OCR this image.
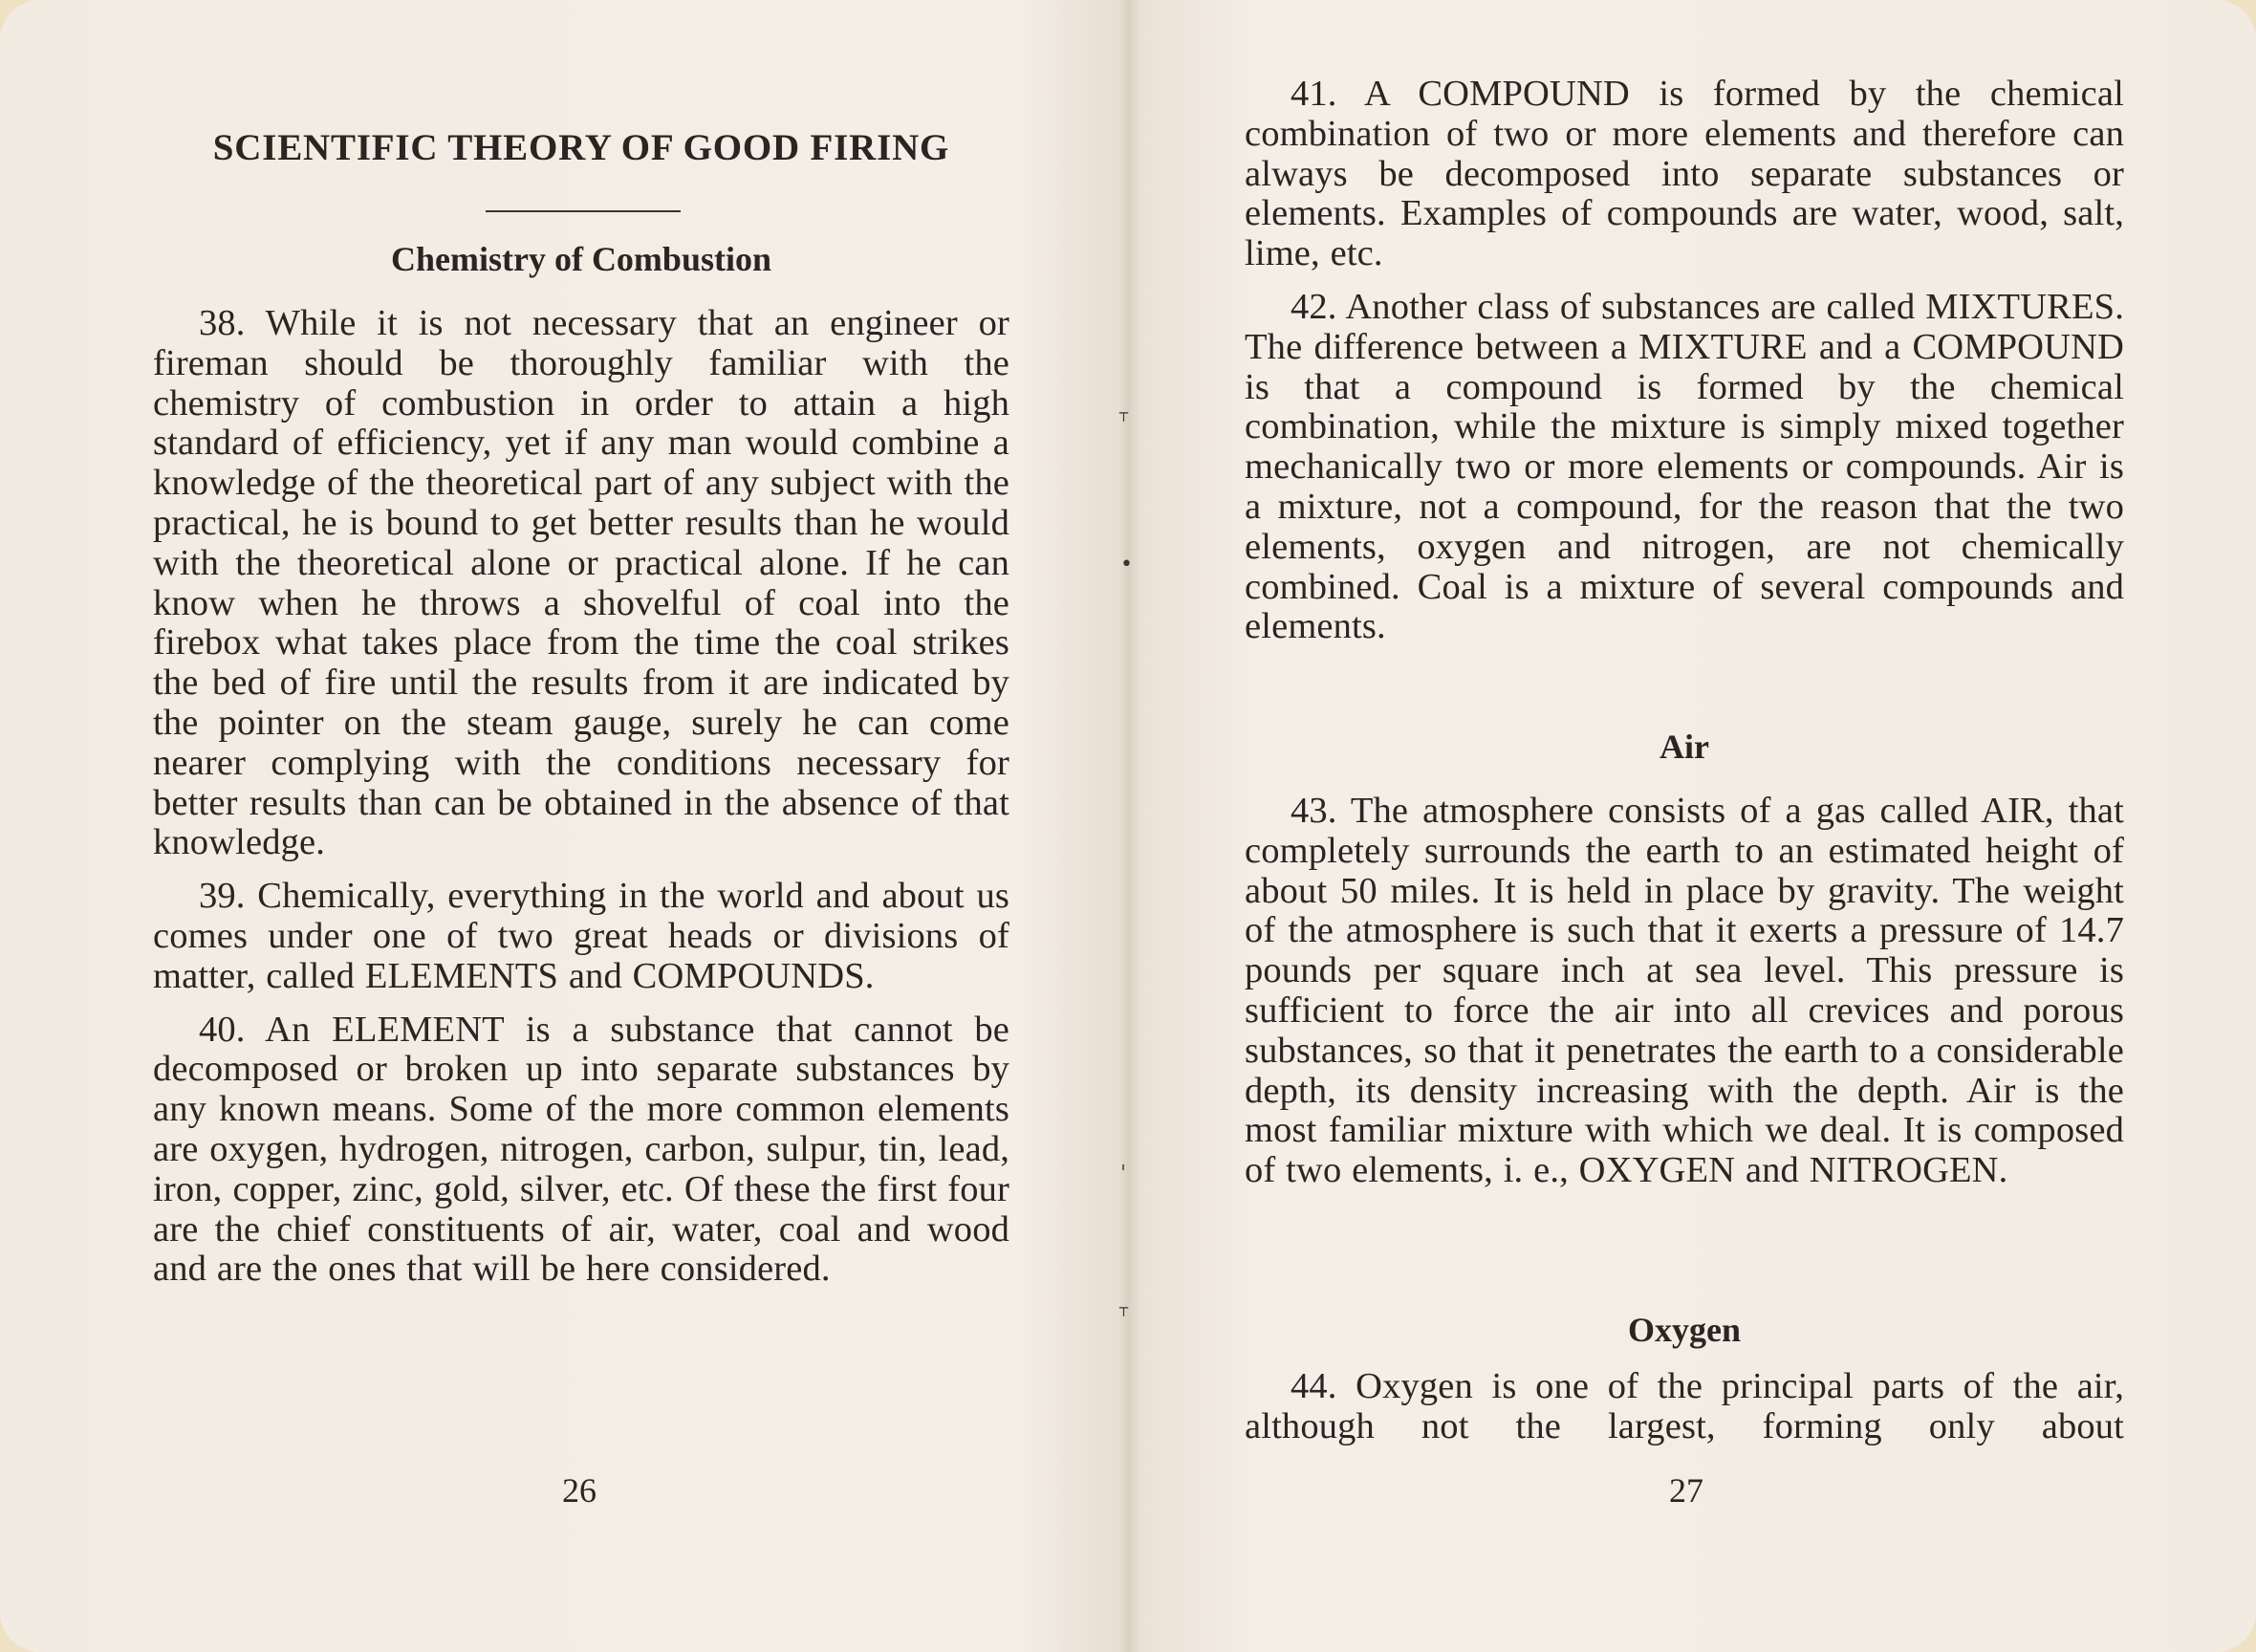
SCIENTIFIC THEORY OF GOOD FIRING
Chemistry of Combustion

38. While it is not necessary that an engineer or fireman should be thoroughly familiar with the chemistry of combustion in order to attain a high standard of efficiency, yet if any man would combine a knowledge of the theoretical part of any subject with the practical, he is bound to get better results than he would with the theoretical alone or practical alone. If he can know when he throws a shovelful of coal into the firebox what takes place from the time the coal strikes the bed of fire until the results from it are indicated by the pointer on the steam gauge, surely he can come nearer complying with the conditions necessary for better results than can be obtained in the absence of that knowledge.

39. Chemically, everything in the world and about us comes under one of two great heads or divisions of matter, called ELEMENTS and COMPOUNDS.

40. An ELEMENT is a substance that cannot be decomposed or broken up into separate substances by any known means. Some of the more common elements are oxygen, hydrogen, nitrogen, carbon, sulpur, tin, lead, iron, copper, zinc, gold, silver, etc. Of these the first four are the chief constituents of air, water, coal and wood and are the ones that will be here considered.

26
⸆
•
ˈ
⸆

41. A COMPOUND is formed by the chemical combination of two or more elements and therefore can always be decomposed into separate substances or elements. Examples of compounds are water, wood, salt, lime, etc.

42. Another class of substances are called MIXTURES. The difference between a MIXTURE and a COMPOUND is that a compound is formed by the chemical combination, while the mixture is simply mixed together mechanically two or more elements or compounds. Air is a mixture, not a compound, for the reason that the two elements, oxygen and nitrogen, are not chemically combined. Coal is a mixture of several compounds and elements.

Air

43. The atmosphere consists of a gas called AIR, that completely surrounds the earth to an estimated height of about 50 miles. It is held in place by gravity. The weight of the atmosphere is such that it exerts a pressure of 14.7 pounds per square inch at sea level. This pressure is sufficient to force the air into all crevices and porous substances, so that it penetrates the earth to a considerable depth, its density increasing with the depth. Air is the most familiar mixture with which we deal. It is composed of two elements, i. e., OXYGEN and NITROGEN.

Oxygen

44. Oxygen is one of the principal parts of the air, although not the largest, forming only about

27
